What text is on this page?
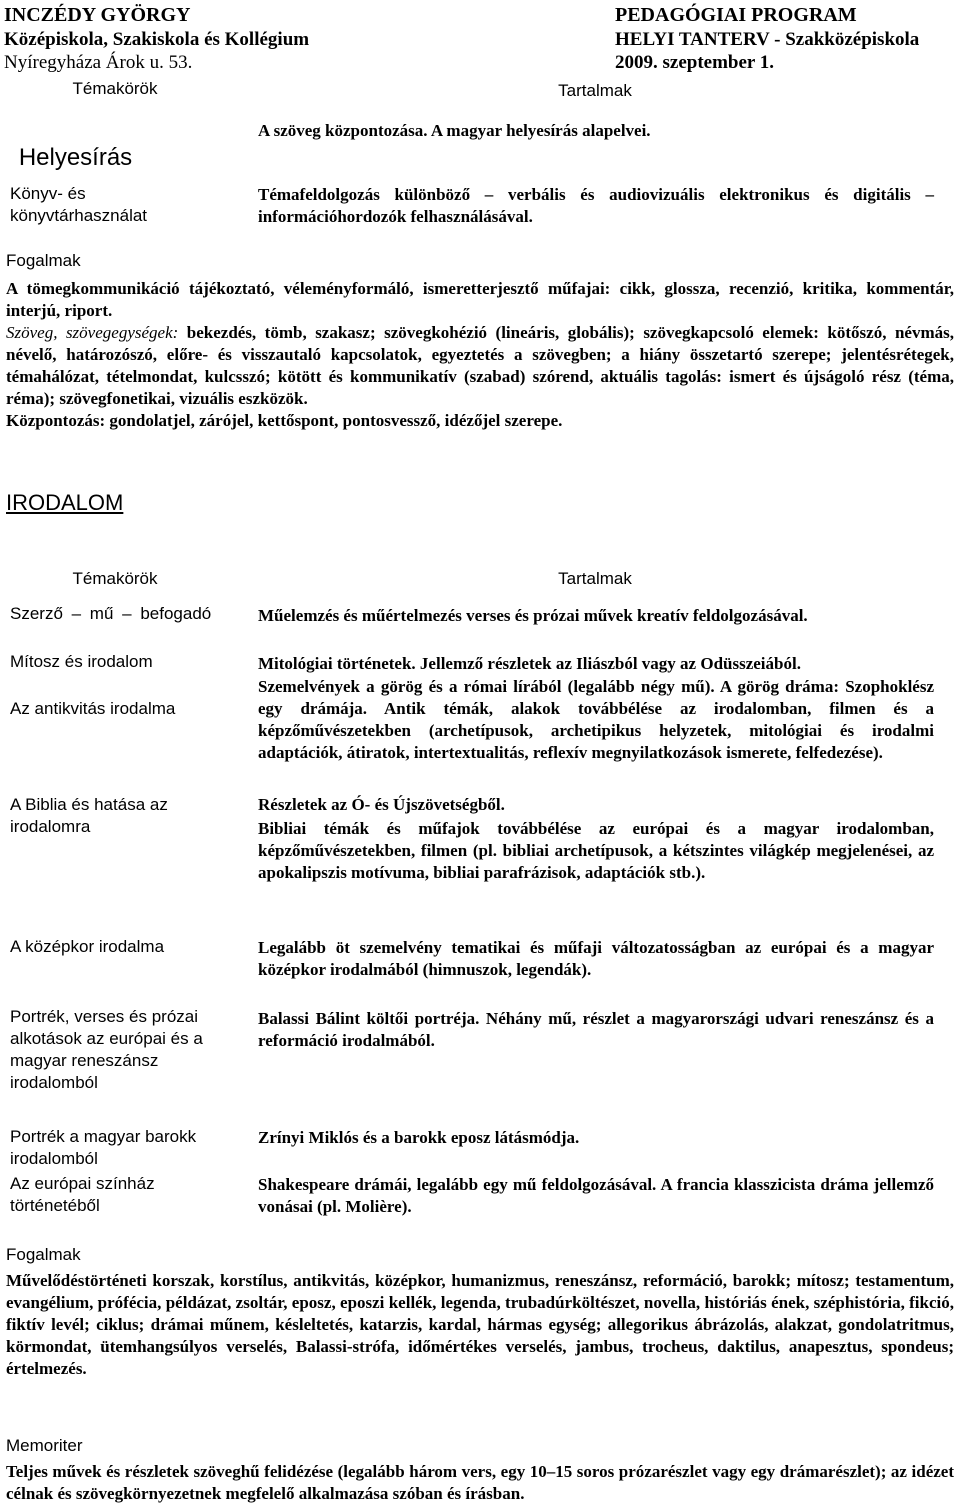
INCZÉDY GYÖRGY
Középiskola, Szakiskola és Kollégium
Nyíregyháza Árok u. 53.
PEDAGÓGIAI PROGRAM
HELYI TANTERV - Szakközépiskola
2009. szeptember 1.
Témakörök	Tartalmak
Helyesírás
Könyv- és könyvtárhasználat
A szöveg központozása. A magyar helyesírás alapelvei.
Témafeldolgozás különböző – verbális és audiovizuális elektronikus és digitális – információhordozók felhasználásával.
Fogalmak

A tömegkommunikáció tájékoztató, véleményformáló, ismeretterjesztő műfajai: cikk, glossza, recenzió, kritika, kommentár, interjú, riport.

Szöveg, szövegegységek: bekezdés, tömb, szakasz; szövegkohézió (lineáris, globális); szövegkapcsoló elemek: kötőszó, névmás, névelő, határozószó, előre- és visszautaló kapcsolatok, egyeztetés a szövegben; a hiány összetartó szerepe; jelentésrétegek, témahálózat, tételmondat, kulcsszó; kötött és kommunikatív (szabad) szórend, aktuális tagolás: ismert és újságoló rész (téma, réma); szövegfonetikai, vizuális eszközök.

Központozás: gondolatjel, zárójel, kettőspont, pontosvessző, idézőjel szerepe.

IRODALOM
Témakörök	Tartalmak
Szerző – mű – befogadó
Mítosz és irodalom
Az antikvitás irodalma
A Biblia és hatása az irodalomra
A középkor irodalma
Portrék, verses és prózai alkotások az európai és a magyar reneszánsz irodalomból
Portrék a magyar barokk irodalomból
Az európai színház történetéből
Műelemzés és műértelmezés verses és prózai művek kreatív feldolgozásával.
Mitológiai történetek. Jellemző részletek az Iliászból vagy az Odüsszeiából.
Szemelvények a görög és a római lírából (legalább négy mű). A görög dráma: Szophoklész egy drámája. Antik témák, alakok továbbélése az irodalomban, filmen és a képzőművészetekben (archetípusok, archetipikus helyzetek, mitológiai és irodalmi adaptációk, átiratok, intertextualitás, reflexív megnyilatkozások ismerete, felfedezése).
Részletek az Ó- és Újszövetségből.
Bibliai témák és műfajok továbbélése az európai és a magyar irodalomban, képzőművészetekben, filmen (pl. bibliai archetípusok, a kétszintes világkép megjelenései, az apokalipszis motívuma, bibliai parafrázisok, adaptációk stb.).
Legalább öt szemelvény tematikai és műfaji változatosságban az európai és a magyar középkor irodalmából (himnuszok, legendák).
Balassi Bálint költői portréja. Néhány mű, részlet a magyarországi udvari reneszánsz és a reformáció irodalmából.
Zrínyi Miklós és a barokk eposz látásmódja.
Shakespeare drámái, legalább egy mű feldolgozásával. A francia klasszicista dráma jellemző vonásai (pl. Molière).
Fogalmak
Művelődéstörténeti korszak, korstílus, antikvitás, középkor, humanizmus, reneszánsz, reformáció, barokk; mítosz; testamentum, evangélium, prófécia, példázat, zsoltár, eposz, eposzi kellék, legenda, trubadúrköltészet, novella, históriás ének, széphistória, fikció, fiktív levél; ciklus; drámai műnem, késleltetés, katarzis, kardal, hármas egység; allegorikus ábrázolás, alakzat, gondolatritmus, körmondat, ütemhangsúlyos verselés, Balassi-strófa, időmértékes verselés, jambus, trocheus, daktilus, anapesztus, spondeus; értelmezés.
Memoriter
Teljes művek és részletek szöveghű felidézése (legalább három vers, egy 10–15 soros prózarészlet vagy egy drámarészlet); az idézet célnak és szövegkörnyezetnek megfelelő alkalmazása szóban és írásban.
